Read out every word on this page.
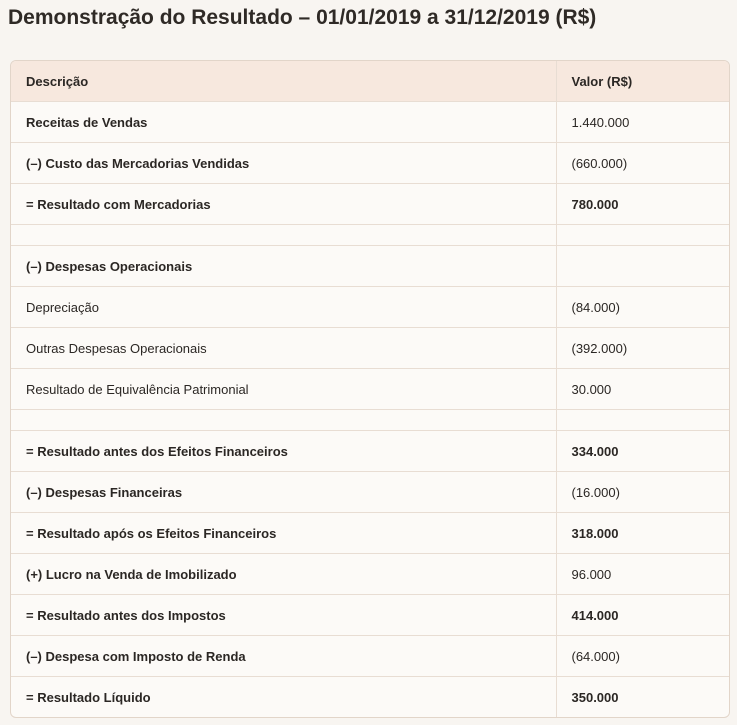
Demonstração do Resultado – 01/01/2019 a 31/12/2019 (R$)
Descrição	Valor (R$)
Receitas de Vendas	1.440.000
(–) Custo das Mercadorias Vendidas	(660.000)
= Resultado com Mercadorias	780.000

(–) Despesas Operacionais	
Depreciação	(84.000)
Outras Despesas Operacionais	(392.000)
Resultado de Equivalência Patrimonial	30.000

= Resultado antes dos Efeitos Financeiros	334.000
(–) Despesas Financeiras	(16.000)
= Resultado após os Efeitos Financeiros	318.000
(+) Lucro na Venda de Imobilizado	96.000
= Resultado antes dos Impostos	414.000
(–) Despesa com Imposto de Renda	(64.000)
= Resultado Líquido	350.000
